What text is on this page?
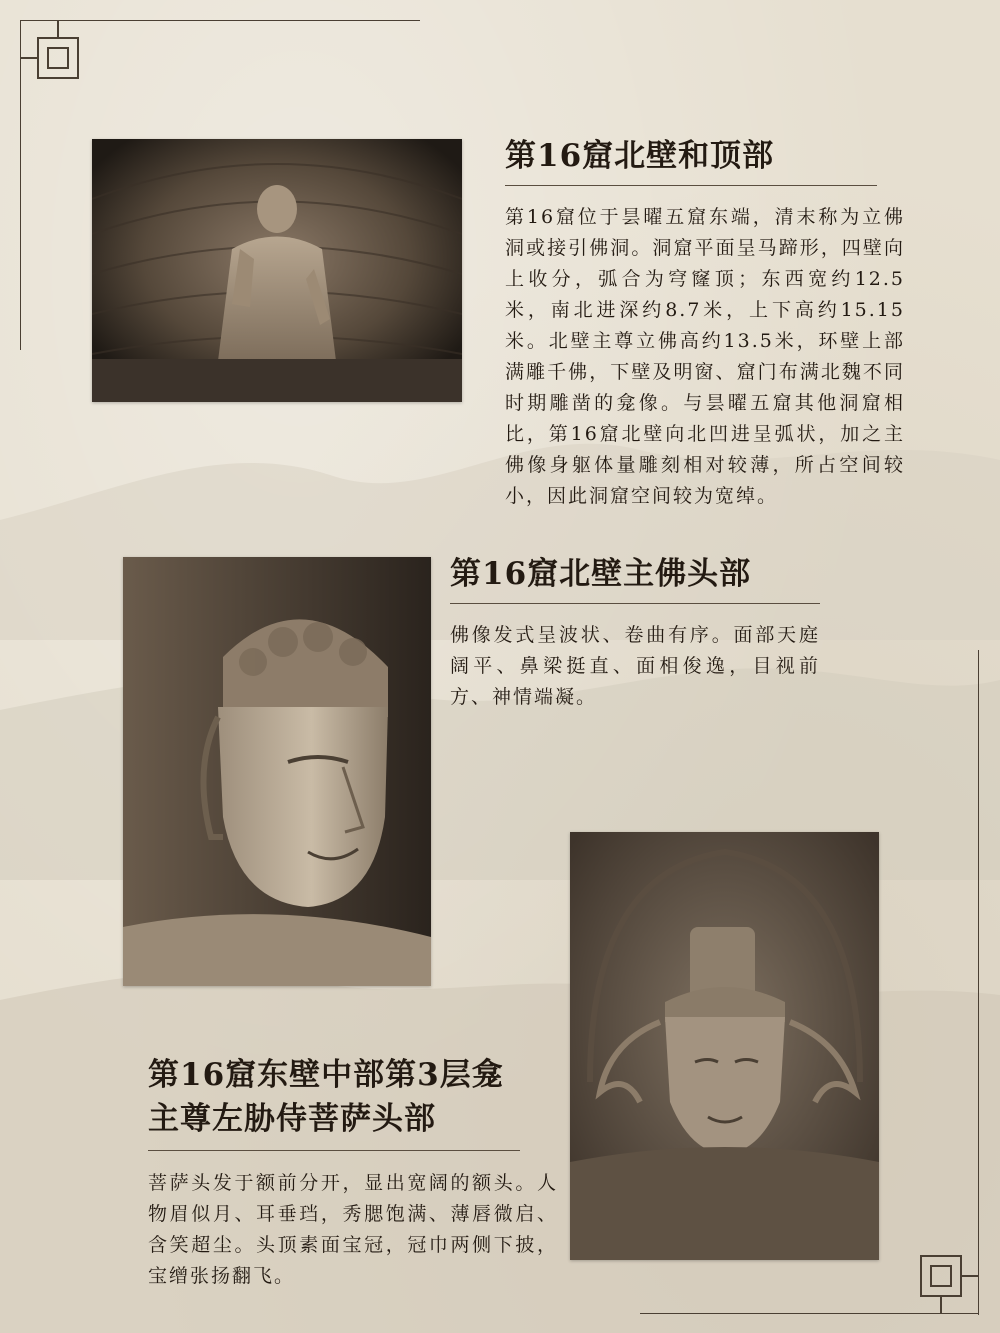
第16窟北壁和顶部
第16窟位于昙曜五窟东端，清末称为立佛洞或接引佛洞。洞窟平面呈马蹄形，四壁向上收分，弧合为穹窿顶；东西宽约12.5米，南北进深约8.7米，上下高约15.15米。北壁主尊立佛高约13.5米，环壁上部满雕千佛，下壁及明窗、窟门布满北魏不同时期雕凿的龛像。与昙曜五窟其他洞窟相比，第16窟北壁向北凹进呈弧状，加之主佛像身躯体量雕刻相对较薄，所占空间较小，因此洞窟空间较为宽绰。
第16窟北壁主佛头部
佛像发式呈波状、卷曲有序。面部天庭阔平、鼻梁挺直、面相俊逸，目视前方、神情端凝。
第16窟东壁中部第3层龛
主尊左胁侍菩萨头部
菩萨头发于额前分开，显出宽阔的额头。人物眉似月、耳垂珰，秀腮饱满、薄唇微启、含笑超尘。头顶素面宝冠，冠巾两侧下披，宝缯张扬翻飞。
